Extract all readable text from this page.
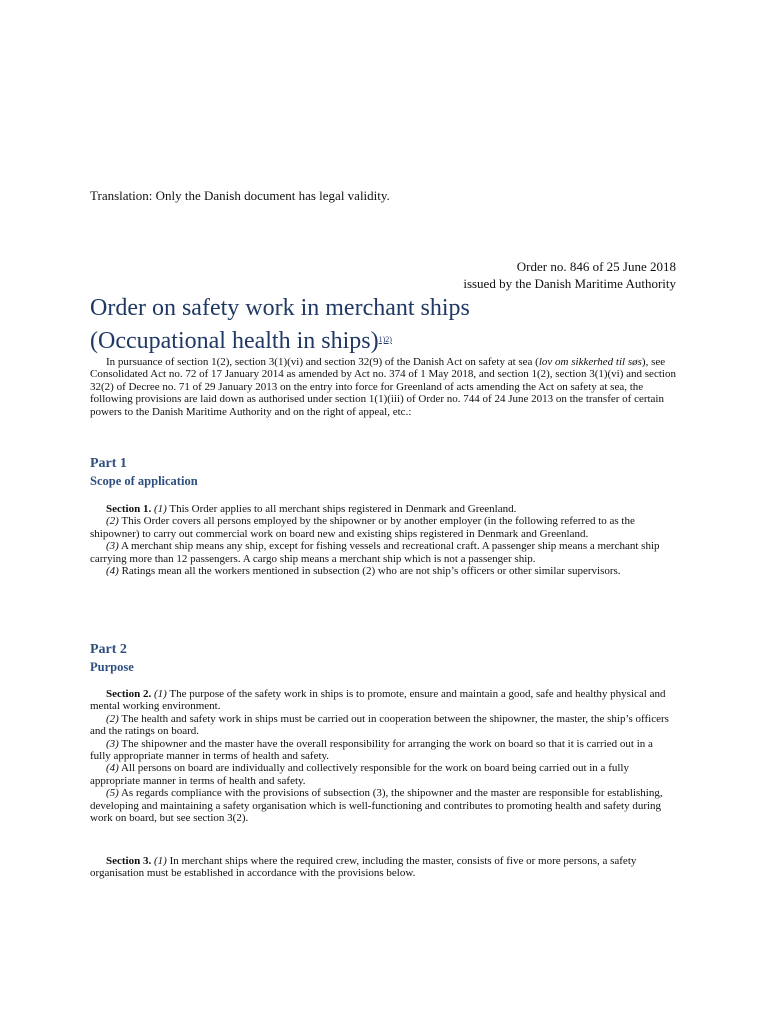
Translation: Only the Danish document has legal validity.
Order no. 846 of 25 June 2018
issued by the Danish Maritime Authority
Order on safety work in merchant ships
(Occupational health in ships)$^{1)2)}$

In pursuance of section 1(2), section 3(1)(vi) and section 32(9) of the Danish Act on safety at sea (lov om sikkerhed til søs), see Consolidated Act no. 72 of 17 January 2014 as amended by Act no. 374 of 1 May 2018, and section 1(2), section 3(1)(vi) and section 32(2) of Decree no. 71 of 29 January 2013 on the entry into force for Greenland of acts amending the Act on safety at sea, the following provisions are laid down as authorised under section 1(1)(iii) of Order no. 744 of 24 June 2013 on the transfer of certain powers to the Danish Maritime Authority and on the right of appeal, etc.:

Part 1
Scope of application

Section 1. (1) This Order applies to all merchant ships registered in Denmark and Greenland.

(2) This Order covers all persons employed by the shipowner or by another employer (in the following referred to as the shipowner) to carry out commercial work on board new and existing ships registered in Denmark and Greenland.

(3) A merchant ship means any ship, except for fishing vessels and recreational craft. A passenger ship means a merchant ship carrying more than 12 passengers. A cargo ship means a merchant ship which is not a passenger ship.

(4) Ratings mean all the workers mentioned in subsection (2) who are not ship’s officers or other similar supervisors.

Part 2
Purpose

Section 2. (1) The purpose of the safety work in ships is to promote, ensure and maintain a good, safe and healthy physical and mental working environment.

(2) The health and safety work in ships must be carried out in cooperation between the shipowner, the master, the ship’s officers and the ratings on board.

(3) The shipowner and the master have the overall responsibility for arranging the work on board so that it is carried out in a fully appropriate manner in terms of health and safety.

(4) All persons on board are individually and collectively responsible for the work on board being carried out in a fully appropriate manner in terms of health and safety.

(5) As regards compliance with the provisions of subsection (3), the shipowner and the master are responsible for establishing, developing and maintaining a safety organisation which is well-functioning and contributes to promoting health and safety during work on board, but see section 3(2).

Section 3. (1) In merchant ships where the required crew, including the master, consists of five or more persons, a safety organisation must be established in accordance with the provisions below.
